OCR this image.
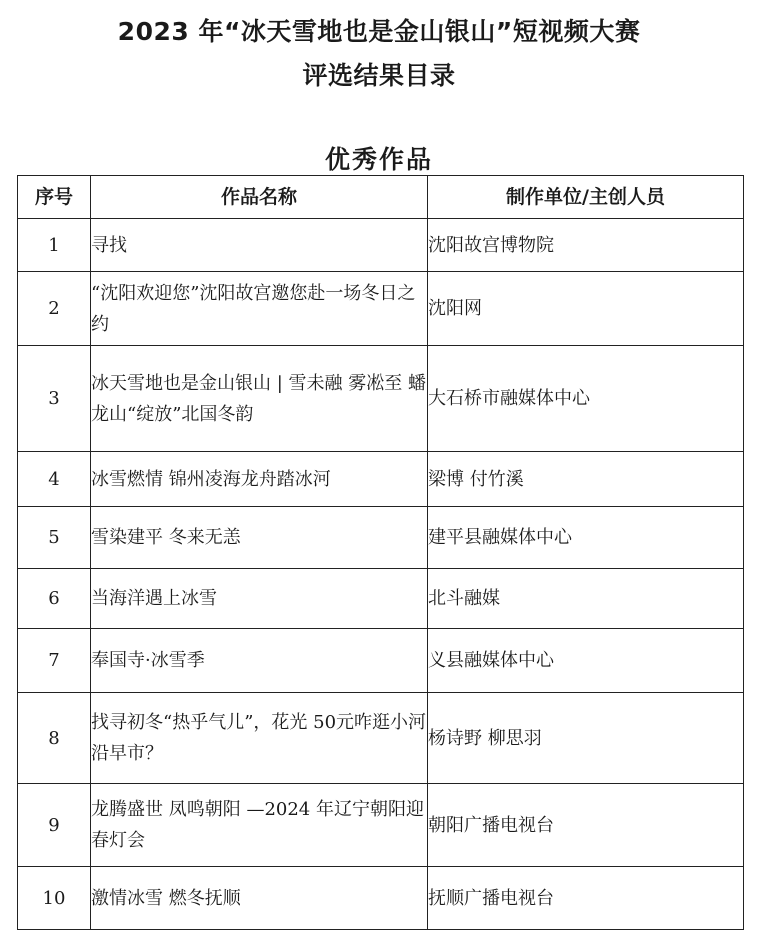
2023 年“冰天雪地也是金山银山”短视频大赛
评选结果目录
优秀作品
序号	作品名称	制作单位/主创人员
1	寻找	沈阳故宫博物院
2	“沈阳欢迎您”沈阳故宫邀您赴一场冬日之约	沈阳网
3	冰天雪地也是金山银山 | 雪未融 雾凇至 蟠龙山“绽放”北国冬韵	大石桥市融媒体中心
4	冰雪燃情 锦州凌海龙舟踏冰河	梁博 付竹溪
5	雪染建平 冬来无恙	建平县融媒体中心
6	当海洋遇上冰雪	北斗融媒
7	奉国寺·冰雪季	义县融媒体中心
8	找寻初冬“热乎气儿”，花光 50元咋逛小河沿早市？	杨诗野 柳思羽
9	龙腾盛世 凤鸣朝阳 —2024 年辽宁朝阳迎春灯会	朝阳广播电视台
10	激情冰雪 燃冬抚顺	抚顺广播电视台
